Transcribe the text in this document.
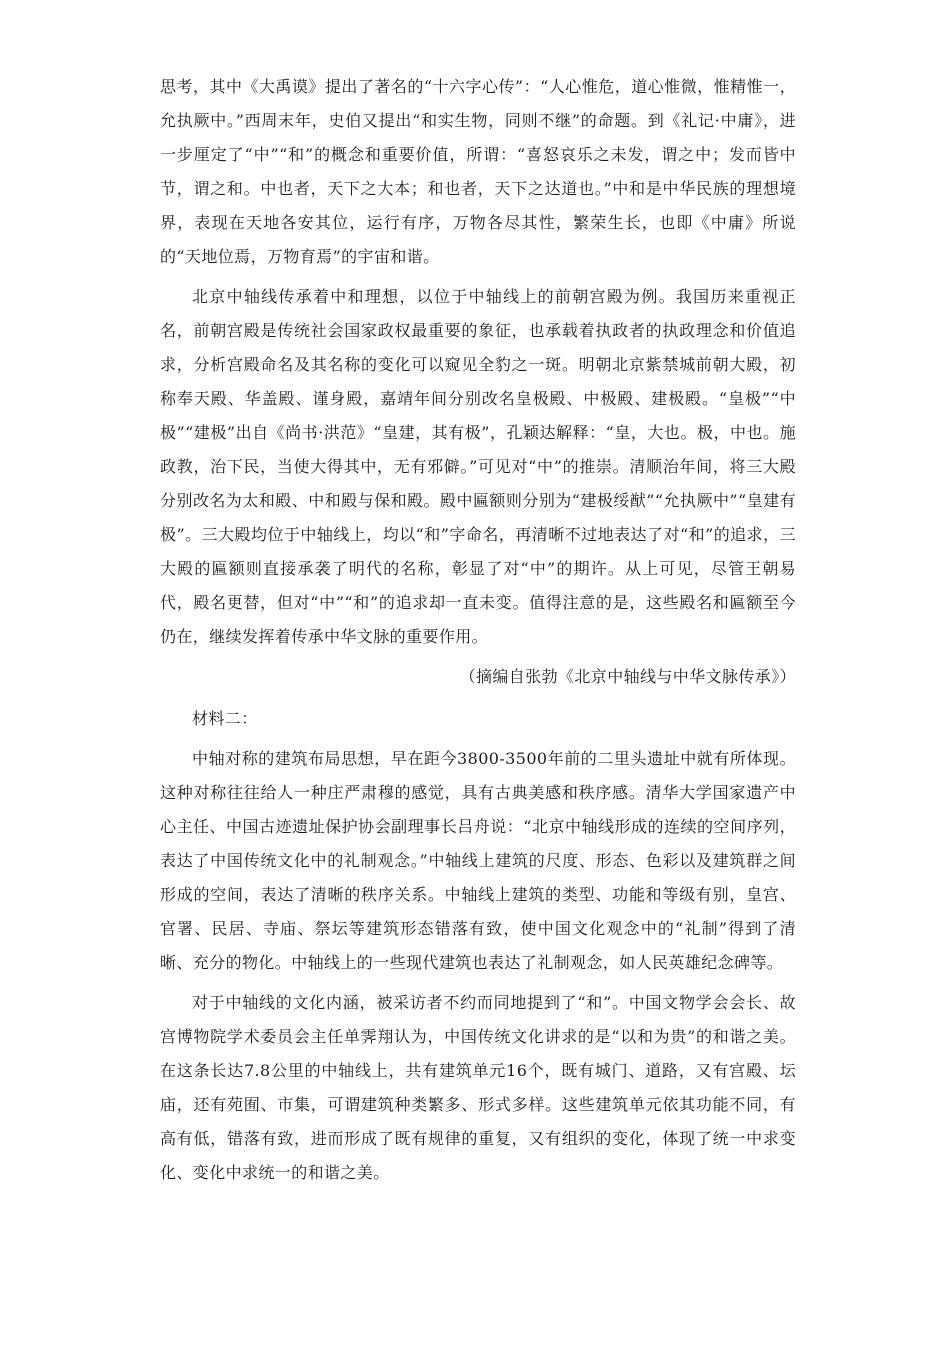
思考，其中《大禹谟》提出了著名的“十六字心传”：“人心惟危，道心惟微，惟精惟一，允执厥中。”西周末年，史伯又提出“和实生物，同则不继”的命题。到《礼记·中庸》，进一步厘定了“中”“和”的概念和重要价值，所谓：“喜怒哀乐之未发，谓之中；发而皆中节，谓之和。中也者，天下之大本；和也者，天下之达道也。”中和是中华民族的理想境界，表现在天地各安其位，运行有序，万物各尽其性，繁荣生长，也即《中庸》所说的“天地位焉，万物育焉”的宇宙和谐。

北京中轴线传承着中和理想，以位于中轴线上的前朝宫殿为例。我国历来重视正名，前朝宫殿是传统社会国家政权最重要的象征，也承载着执政者的执政理念和价值追求，分析宫殿命名及其名称的变化可以窥见全豹之一斑。明朝北京紫禁城前朝大殿，初称奉天殿、华盖殿、谨身殿，嘉靖年间分别改名皇极殿、中极殿、建极殿。“皇极”“中极”“建极”出自《尚书·洪范》“皇建，其有极”，孔颖达解释：“皇，大也。极，中也。施政教，治下民，当使大得其中，无有邪僻。”可见对“中”的推崇。清顺治年间，将三大殿分别改名为太和殿、中和殿与保和殿。殿中匾额则分别为“建极绥猷”“允执厥中”“皇建有极”。三大殿均位于中轴线上，均以“和”字命名，再清晰不过地表达了对“和”的追求，三大殿的匾额则直接承袭了明代的名称，彰显了对“中”的期许。从上可见，尽管王朝易代，殿名更替，但对“中”“和”的追求却一直未变。值得注意的是，这些殿名和匾额至今仍在，继续发挥着传承中华文脉的重要作用。

（摘编自张勃《北京中轴线与中华文脉传承》）

材料二：

中轴对称的建筑布局思想，早在距今3800-3500年前的二里头遗址中就有所体现。这种对称往往给人一种庄严肃穆的感觉，具有古典美感和秩序感。清华大学国家遗产中心主任、中国古迹遗址保护协会副理事长吕舟说：“北京中轴线形成的连续的空间序列，表达了中国传统文化中的礼制观念。”中轴线上建筑的尺度、形态、色彩以及建筑群之间形成的空间，表达了清晰的秩序关系。中轴线上建筑的类型、功能和等级有别，皇宫、官署、民居、寺庙、祭坛等建筑形态错落有致，使中国文化观念中的“礼制”得到了清晰、充分的物化。中轴线上的一些现代建筑也表达了礼制观念，如人民英雄纪念碑等。

对于中轴线的文化内涵，被采访者不约而同地提到了“和”。中国文物学会会长、故宫博物院学术委员会主任单霁翔认为，中国传统文化讲求的是“以和为贵”的和谐之美。在这条长达7.8公里的中轴线上，共有建筑单元16个，既有城门、道路，又有宫殿、坛庙，还有苑囿、市集，可谓建筑种类繁多、形式多样。这些建筑单元依其功能不同，有高有低，错落有致，进而形成了既有规律的重复，又有组织的变化，体现了统一中求变化、变化中求统一的和谐之美。
